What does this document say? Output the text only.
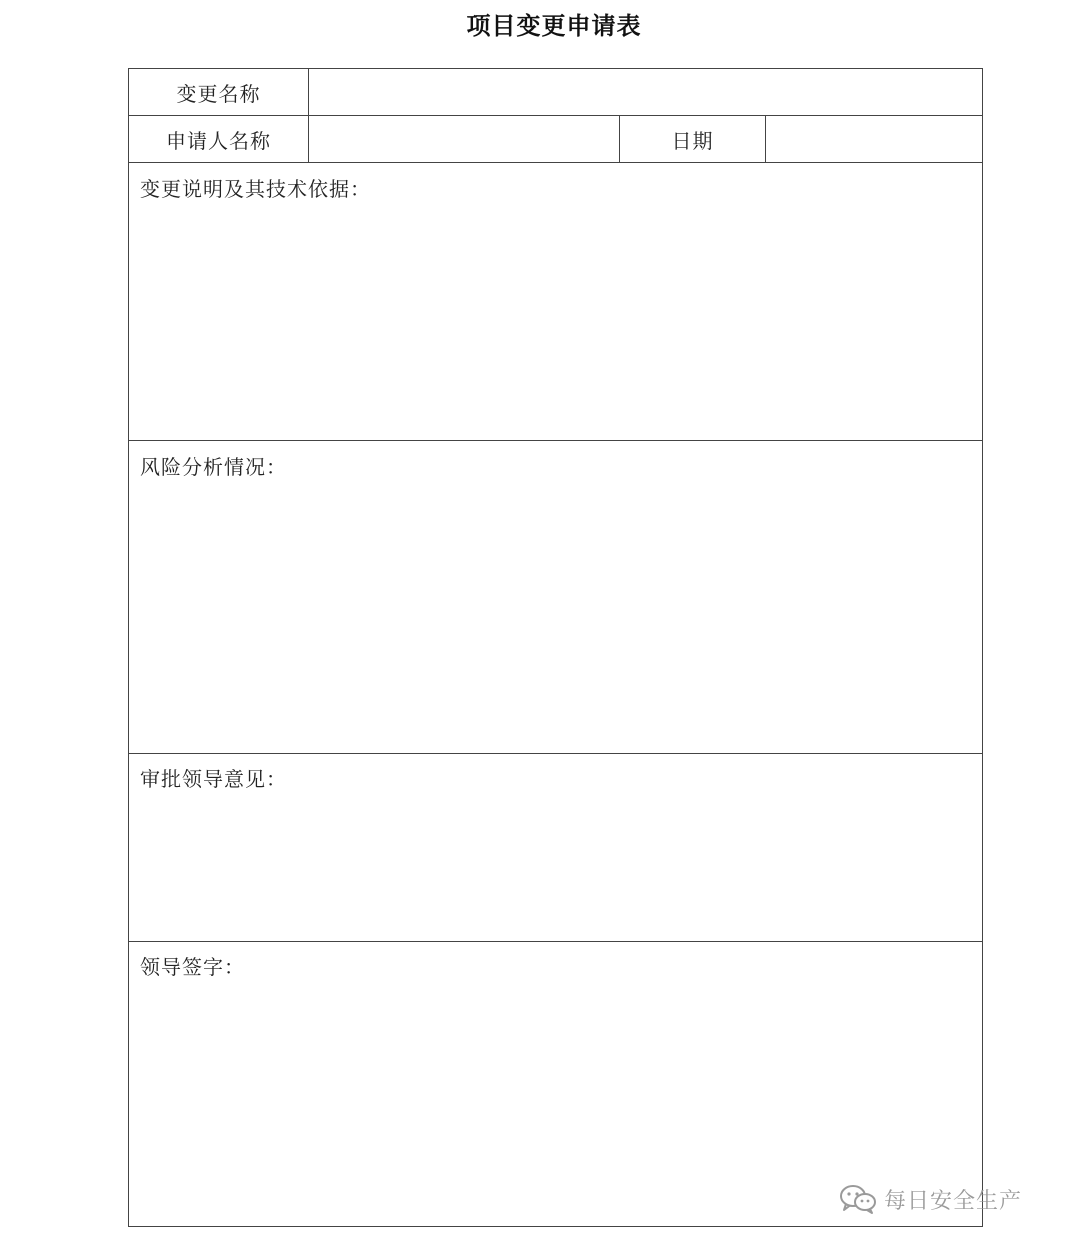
项目变更申请表
变更名称
申请人名称	日期
变更说明及其技术依据：
风险分析情况：
审批领导意见：
领导签字：
每日安全生产
